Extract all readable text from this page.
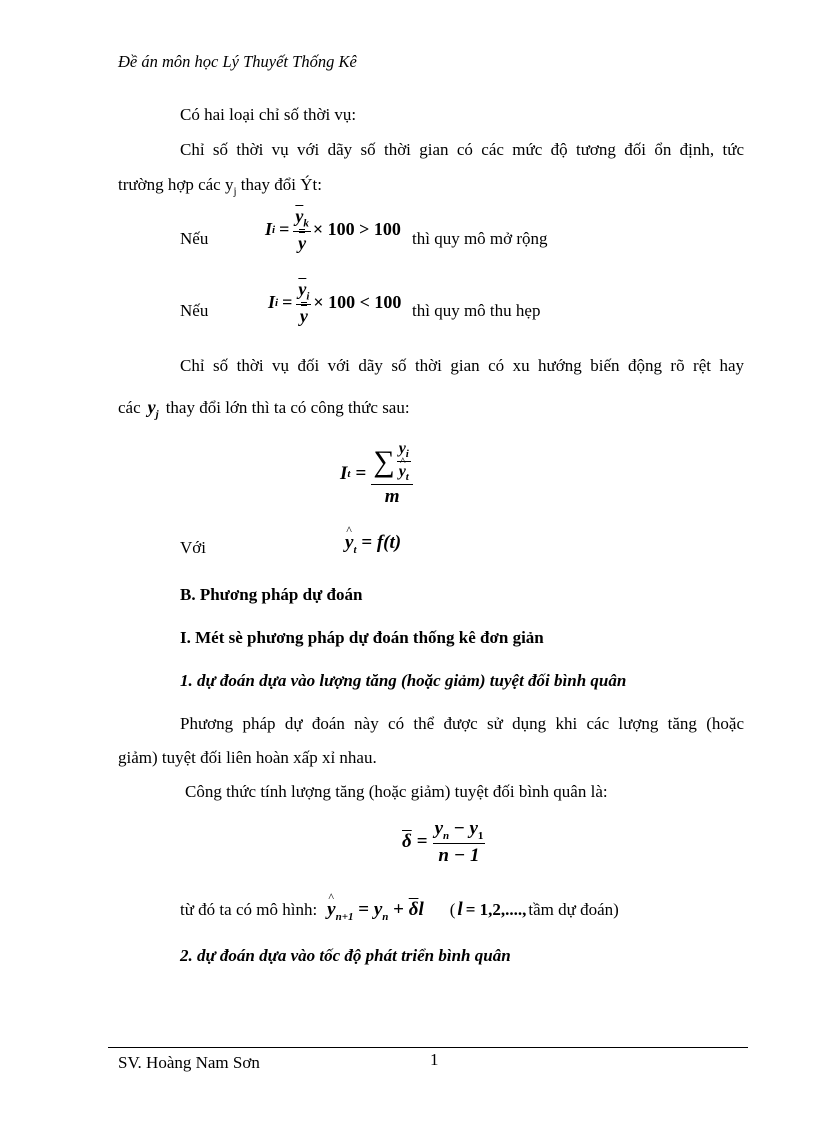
Đề án môn học Lý Thuyết Thống Kê
Có hai loại chỉ số thời vụ:
Chỉ số thời vụ với dãy số thời gian có các mức độ tương đối ổn định, tức
trường hợp các $y_j$ thay đổi Ýt:
Nếu	I $i = \frac{\overline{y}_k}{y} \times 100 > 100$ thì quy mô mở rộng
Nếu	I $i = \frac{\overline{y}_i}{y} \times 100 < 100$ thì quy mô thu hẹp
Chỉ số thời vụ đối với dãy số thời gian có xu hướng biến động rõ rệt hay
các $y_j$ thay đổi lớn thì ta có công thức sau:
I t = ∑ $y_i$
^ $y_t$
m
Với	^ $y_t = f(t)$
B. Phương pháp dự đoán
I. Mét sè phương pháp dự đoán thống kê đơn giản
1. dự đoán dựa vào lượng tăng (hoặc giảm) tuyệt đối bình quân
Phương pháp dự đoán này có thể được sử dụng khi các lượng tăng (hoặc
giảm) tuyệt đối liên hoàn xấp xỉ nhau.
Công thức tính lượng tăng (hoặc giảm) tuyệt đối bình quân là:
$\overline{\delta} = \frac{y_n - y_1}{n - 1}$
từ đó ta có mô hình: ^ $y_{n+1} = y_n + \overline{\delta}l$ ( l = 1,2,...., tầm dự đoán)
2. dự đoán dựa vào tốc độ phát triển bình quân
SV. Hoàng Nam Sơn	1
